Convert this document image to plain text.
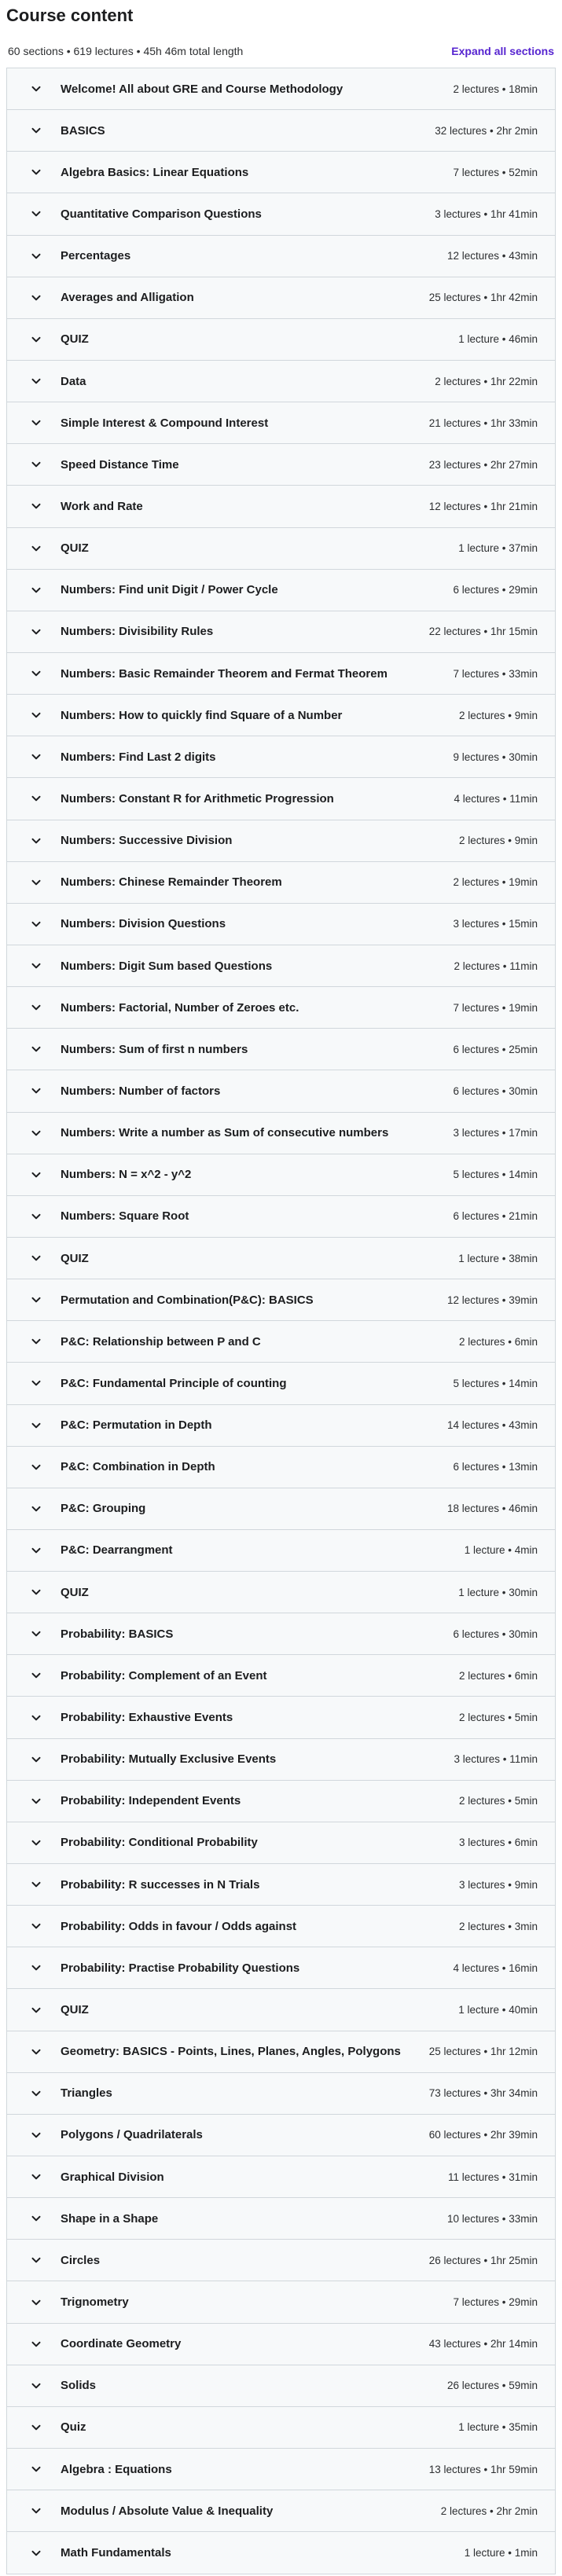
Course content
60 sections • 619 lectures • 45h 46m total length	Expand all sections
Welcome! All about GRE and Course Methodology	2 lectures • 18min
BASICS	32 lectures • 2hr 2min
Algebra Basics: Linear Equations	7 lectures • 52min
Quantitative Comparison Questions	3 lectures • 1hr 41min
Percentages	12 lectures • 43min
Averages and Alligation	25 lectures • 1hr 42min
QUIZ	1 lecture • 46min
Data	2 lectures • 1hr 22min
Simple Interest & Compound Interest	21 lectures • 1hr 33min
Speed Distance Time	23 lectures • 2hr 27min
Work and Rate	12 lectures • 1hr 21min
QUIZ	1 lecture • 37min
Numbers: Find unit Digit / Power Cycle	6 lectures • 29min
Numbers: Divisibility Rules	22 lectures • 1hr 15min
Numbers: Basic Remainder Theorem and Fermat Theorem	7 lectures • 33min
Numbers: How to quickly find Square of a Number	2 lectures • 9min
Numbers: Find Last 2 digits	9 lectures • 30min
Numbers: Constant R for Arithmetic Progression	4 lectures • 11min
Numbers: Successive Division	2 lectures • 9min
Numbers: Chinese Remainder Theorem	2 lectures • 19min
Numbers: Division Questions	3 lectures • 15min
Numbers: Digit Sum based Questions	2 lectures • 11min
Numbers: Factorial, Number of Zeroes etc.	7 lectures • 19min
Numbers: Sum of first n numbers	6 lectures • 25min
Numbers: Number of factors	6 lectures • 30min
Numbers: Write a number as Sum of consecutive numbers	3 lectures • 17min
Numbers: N = x^2 - y^2	5 lectures • 14min
Numbers: Square Root	6 lectures • 21min
QUIZ	1 lecture • 38min
Permutation and Combination(P&C): BASICS	12 lectures • 39min
P&C: Relationship between P and C	2 lectures • 6min
P&C: Fundamental Principle of counting	5 lectures • 14min
P&C: Permutation in Depth	14 lectures • 43min
P&C: Combination in Depth	6 lectures • 13min
P&C: Grouping	18 lectures • 46min
P&C: Dearrangment	1 lecture • 4min
QUIZ	1 lecture • 30min
Probability: BASICS	6 lectures • 30min
Probability: Complement of an Event	2 lectures • 6min
Probability: Exhaustive Events	2 lectures • 5min
Probability: Mutually Exclusive Events	3 lectures • 11min
Probability: Independent Events	2 lectures • 5min
Probability: Conditional Probability	3 lectures • 6min
Probability: R successes in N Trials	3 lectures • 9min
Probability: Odds in favour / Odds against	2 lectures • 3min
Probability: Practise Probability Questions	4 lectures • 16min
QUIZ	1 lecture • 40min
Geometry: BASICS - Points, Lines, Planes, Angles, Polygons	25 lectures • 1hr 12min
Triangles	73 lectures • 3hr 34min
Polygons / Quadrilaterals	60 lectures • 2hr 39min
Graphical Division	11 lectures • 31min
Shape in a Shape	10 lectures • 33min
Circles	26 lectures • 1hr 25min
Trignometry	7 lectures • 29min
Coordinate Geometry	43 lectures • 2hr 14min
Solids	26 lectures • 59min
Quiz	1 lecture • 35min
Algebra : Equations	13 lectures • 1hr 59min
Modulus / Absolute Value & Inequality	2 lectures • 2hr 2min
Math Fundamentals	1 lecture • 1min
